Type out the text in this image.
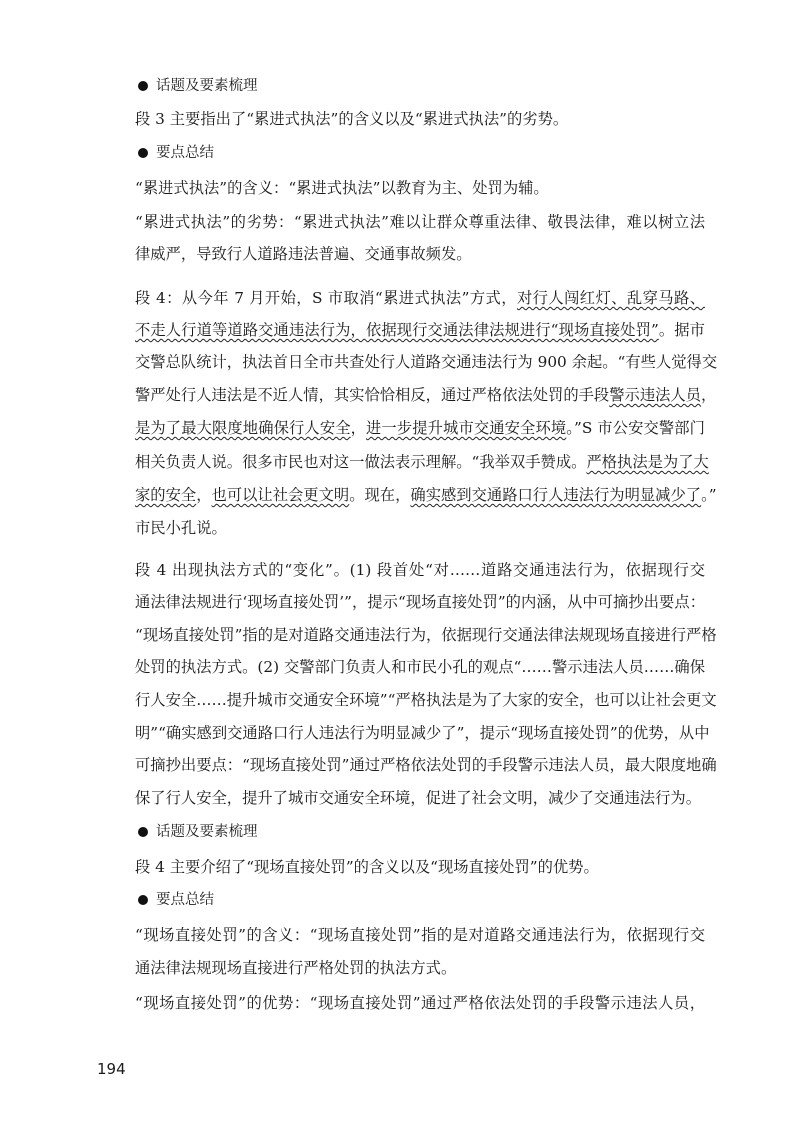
话题及要素梳理
段 3 主要指出了“累进式执法”的含义以及“累进式执法”的劣势。
要点总结
“累进式执法”的含义：“累进式执法”以教育为主、处罚为辅。
“累进式执法”的劣势：“累进式执法”难以让群众尊重法律、敬畏法律，难以树立法
律威严，导致行人道路违法普遍、交通事故频发。
段 4：从今年 7 月开始，S 市取消“累进式执法”方式，对行人闯红灯、乱穿马路、
不走人行道等道路交通违法行为，依据现行交通法律法规进行“现场直接处罚”。据市
交警总队统计，执法首日全市共查处行人道路交通违法行为 900 余起。“有些人觉得交
警严处行人违法是不近人情，其实恰恰相反，通过严格依法处罚的手段警示违法人员，
是为了最大限度地确保行人安全，进一步提升城市交通安全环境。”S 市公安交警部门
相关负责人说。很多市民也对这一做法表示理解。“我举双手赞成。严格执法是为了大
家的安全，也可以让社会更文明。现在，确实感到交通路口行人违法行为明显减少了。”
市民小孔说。
段 4 出现执法方式的“变化”。(1) 段首处“对……道路交通违法行为，依据现行交
通法律法规进行‘现场直接处罚’”，提示“现场直接处罚”的内涵，从中可摘抄出要点：
“现场直接处罚”指的是对道路交通违法行为，依据现行交通法律法规现场直接进行严格
处罚的执法方式。(2) 交警部门负责人和市民小孔的观点“……警示违法人员……确保
行人安全……提升城市交通安全环境”“严格执法是为了大家的安全，也可以让社会更文
明”“确实感到交通路口行人违法行为明显减少了”，提示“现场直接处罚”的优势，从中
可摘抄出要点：“现场直接处罚”通过严格依法处罚的手段警示违法人员，最大限度地确
保了行人安全，提升了城市交通安全环境，促进了社会文明，减少了交通违法行为。
话题及要素梳理
段 4 主要介绍了“现场直接处罚”的含义以及“现场直接处罚”的优势。
要点总结
“现场直接处罚”的含义：“现场直接处罚”指的是对道路交通违法行为，依据现行交
通法律法规现场直接进行严格处罚的执法方式。
“现场直接处罚”的优势：“现场直接处罚”通过严格依法处罚的手段警示违法人员，
194
